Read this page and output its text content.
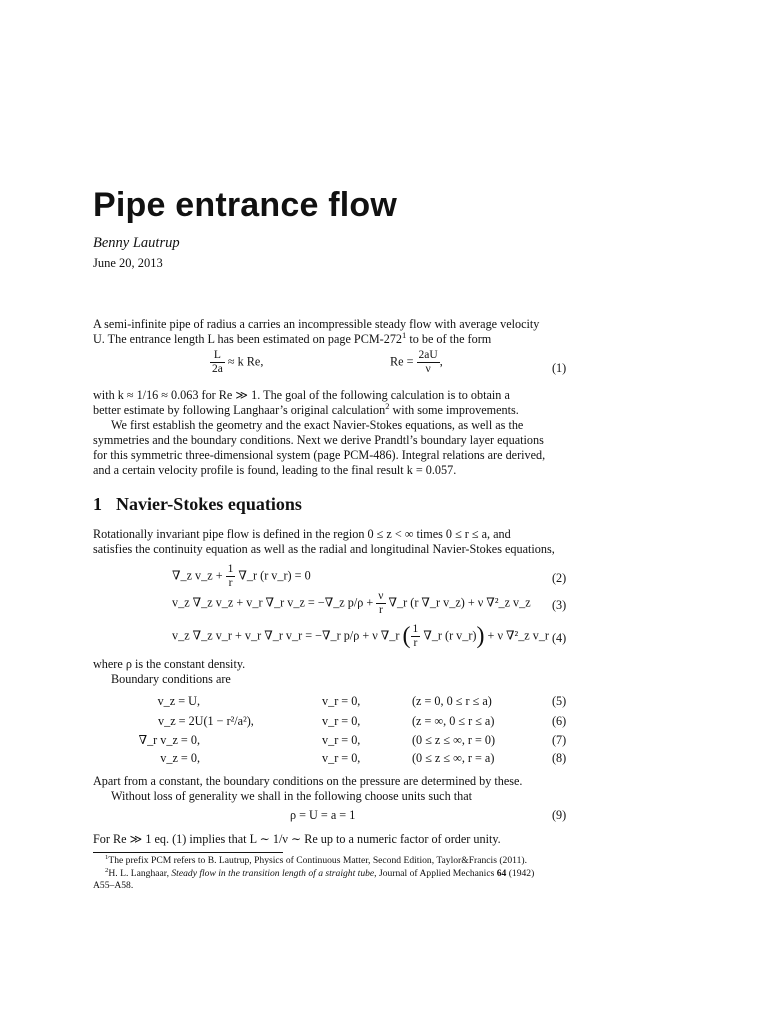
Pipe entrance flow
Benny Lautrup
June 20, 2013
A semi-infinite pipe of radius a carries an incompressible steady flow with average velocity
U. The entrance length L has been estimated on page PCM-$272^1$ to be of the form
$\frac{L}{2a} \approx k$ Re,	$Re = \frac{2aU}{\nu}$ ,	(1)
with k ≈ 1/16 ≈ 0.063 for Re ≫ 1. The goal of the following calculation is to obtain a
better estimate by following Langhaar’s original calculation$^2$ with some improvements.
We first establish the geometry and the exact Navier-Stokes equations, as well as the
symmetries and the boundary conditions. Next we derive Prandtl’s boundary layer equations
for this symmetric three-dimensional system (page PCM-486). Integral relations are derived,
and a certain velocity profile is found, leading to the final result k = 0.057.
1 Navier-Stokes equations
Rotationally invariant pipe flow is defined in the region 0 ≤ z < ∞ times 0 ≤ r ≤ a, and
satisfies the continuity equation as well as the radial and longitudinal Navier-Stokes equations,
∇_z v_z + $\frac{1}{r}$ ∇_r (r v_r) = 0	(2)
v_z ∇_z v_z + v_r ∇_r v_z = −∇_z $p/\rho + \frac{\nu}{r}$ ∇_r (r ∇_r v_z) + ν ∇²_z v_z (3)
v_z ∇_z v_r + v_r ∇_r v_r = −∇_r p/ρ + ν ∇_r ( $\frac{1}{r}$ ∇_r (r v_r)) + ν ∇²_z v_r (4)
where ρ is the constant density.
Boundary conditions are
v_z = U,	v_r = 0,	(z = 0, 0 ≤ r ≤ a)	(5)
v_z = 2U(1 − r²/a²),	v_r = 0,	(z = ∞, 0 ≤ r ≤ a)	(6)
∇_r v_z = 0,	v_r = 0,	(0 ≤ z ≤ ∞, r = 0)	(7)
v_z = 0,	v_r = 0,	(0 ≤ z ≤ ∞, r = a)	(8)
Apart from a constant, the boundary conditions on the pressure are determined by these.
Without loss of generality we shall in the following choose units such that
ρ = U = a = 1	(9)
For Re ≫ 1 eq. (1) implies that L ∼ 1/ν ∼ Re up to a numeric factor of order unity.
$^1$The prefix PCM refers to B. Lautrup, Physics of Continuous Matter, Second Edition, Taylor&Francis (2011).
$^2$H. L. Langhaar, Steady flow in the transition length of a straight tube, Journal of Applied Mechanics 64 (1942)
A55–A58.
